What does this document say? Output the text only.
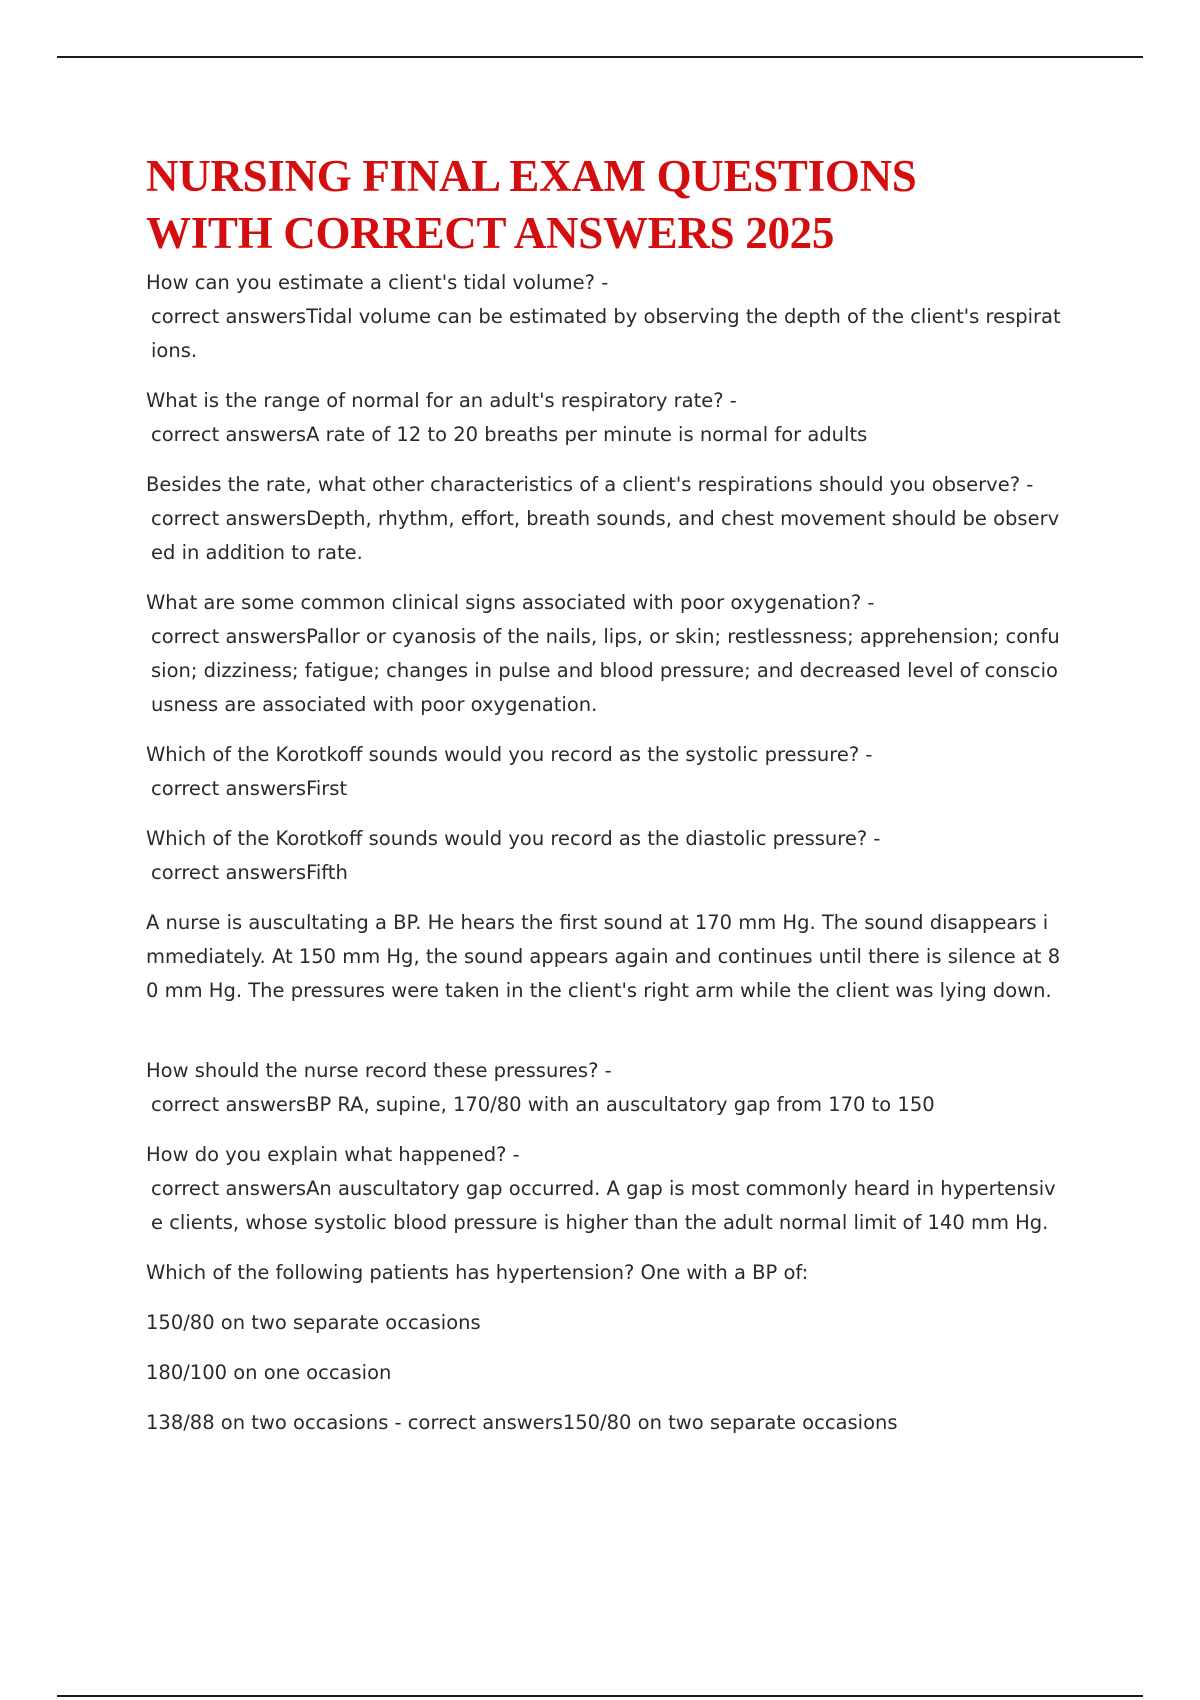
NURSING FINAL EXAM QUESTIONS
WITH CORRECT ANSWERS 2025

How can you estimate a client's tidal volume? -

correct answersTidal volume can be estimated by observing the depth of the client's respirations.

What is the range of normal for an adult's respiratory rate? -

correct answersA rate of 12 to 20 breaths per minute is normal for adults

Besides the rate, what other characteristics of a client's respirations should you observe? -

correct answersDepth, rhythm, effort, breath sounds, and chest movement should be observed in addition to rate.

What are some common clinical signs associated with poor oxygenation? -

correct answersPallor or cyanosis of the nails, lips, or skin; restlessness; apprehension; confusion; dizziness; fatigue; changes in pulse and blood pressure; and decreased level of consciousness are associated with poor oxygenation.

Which of the Korotkoff sounds would you record as the systolic pressure? -

correct answersFirst

Which of the Korotkoff sounds would you record as the diastolic pressure? -

correct answersFifth

A nurse is auscultating a BP. He hears the first sound at 170 mm Hg. The sound disappears immediately. At 150 mm Hg, the sound appears again and continues until there is silence at 80 mm Hg. The pressures were taken in the client's right arm while the client was lying down.

How should the nurse record these pressures? -

correct answersBP RA, supine, 170/80 with an auscultatory gap from 170 to 150

How do you explain what happened? -

correct answersAn auscultatory gap occurred. A gap is most commonly heard in hypertensive clients, whose systolic blood pressure is higher than the adult normal limit of 140 mm Hg.

Which of the following patients has hypertension? One with a BP of:

150/80 on two separate occasions

180/100 on one occasion

138/88 on two occasions - correct answers150/80 on two separate occasions
